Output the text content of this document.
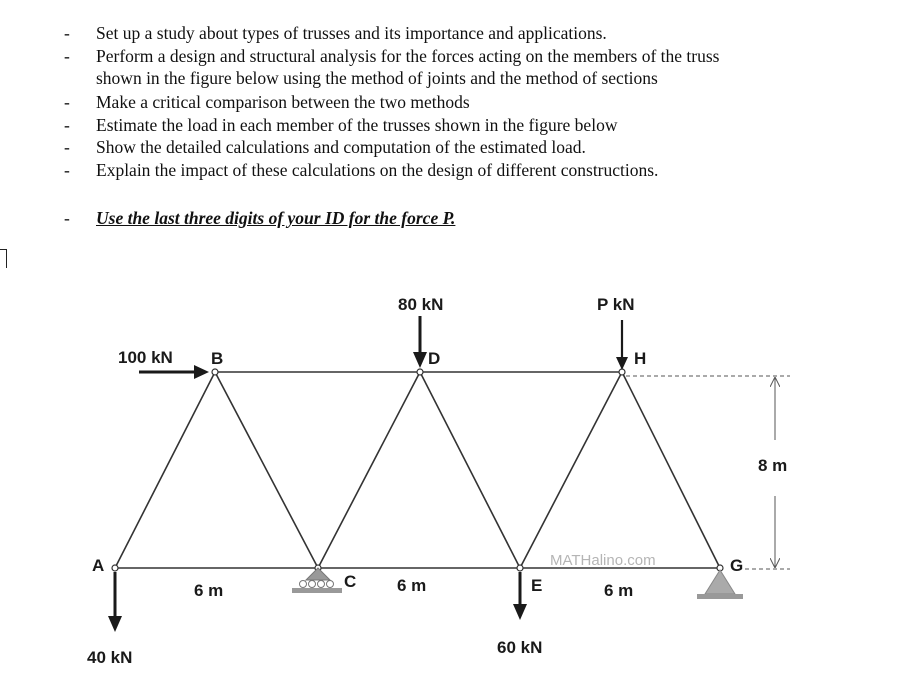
- Set up a study about types of trusses and its importance and applications.
- Perform a design and structural analysis for the forces acting on the members of the truss
shown in the figure below using the method of joints and the method of sections
- Make a critical comparison between the two methods
- Estimate the load in each member of the trusses shown in the figure below
- Show the detailed calculations and computation of the estimated load.
- Explain the impact of these calculations on the design of different constructions.
- Use the last three digits of your ID for the force P.
100 kN B
80 kN
D
P kN
H
A
C	E
G
6 m	6 m	6 m
8 m
40 kN
60 kN
MATHalino.com
